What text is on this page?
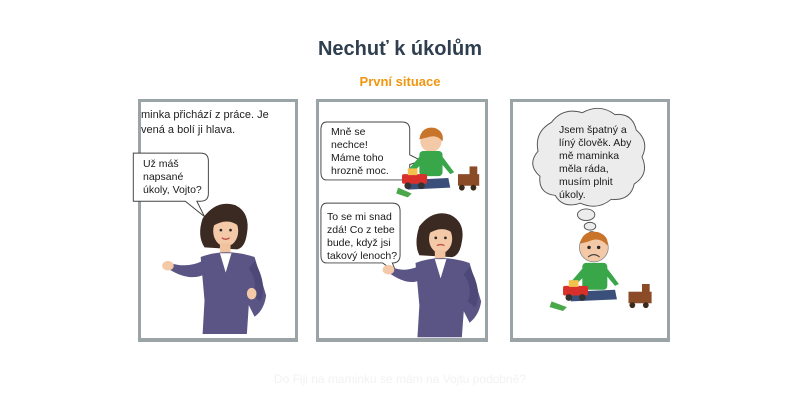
Nechuť k úkolům
První situace
minka přichází z práce. Je
vená a bolí ji hlava.
Už máš
napsané
úkoly, Vojto?
Mně se
nechce!
Máme toho
hrozně moc.
To se mi snad
zdá! Co z tebe
bude, když jsi
takový lenoch?
Jsem špatný a
líný člověk. Aby
mě maminka
měla ráda,
musím plnit
úkoly.
Do Fiji na maminku se mám na Vojtu podobně?
